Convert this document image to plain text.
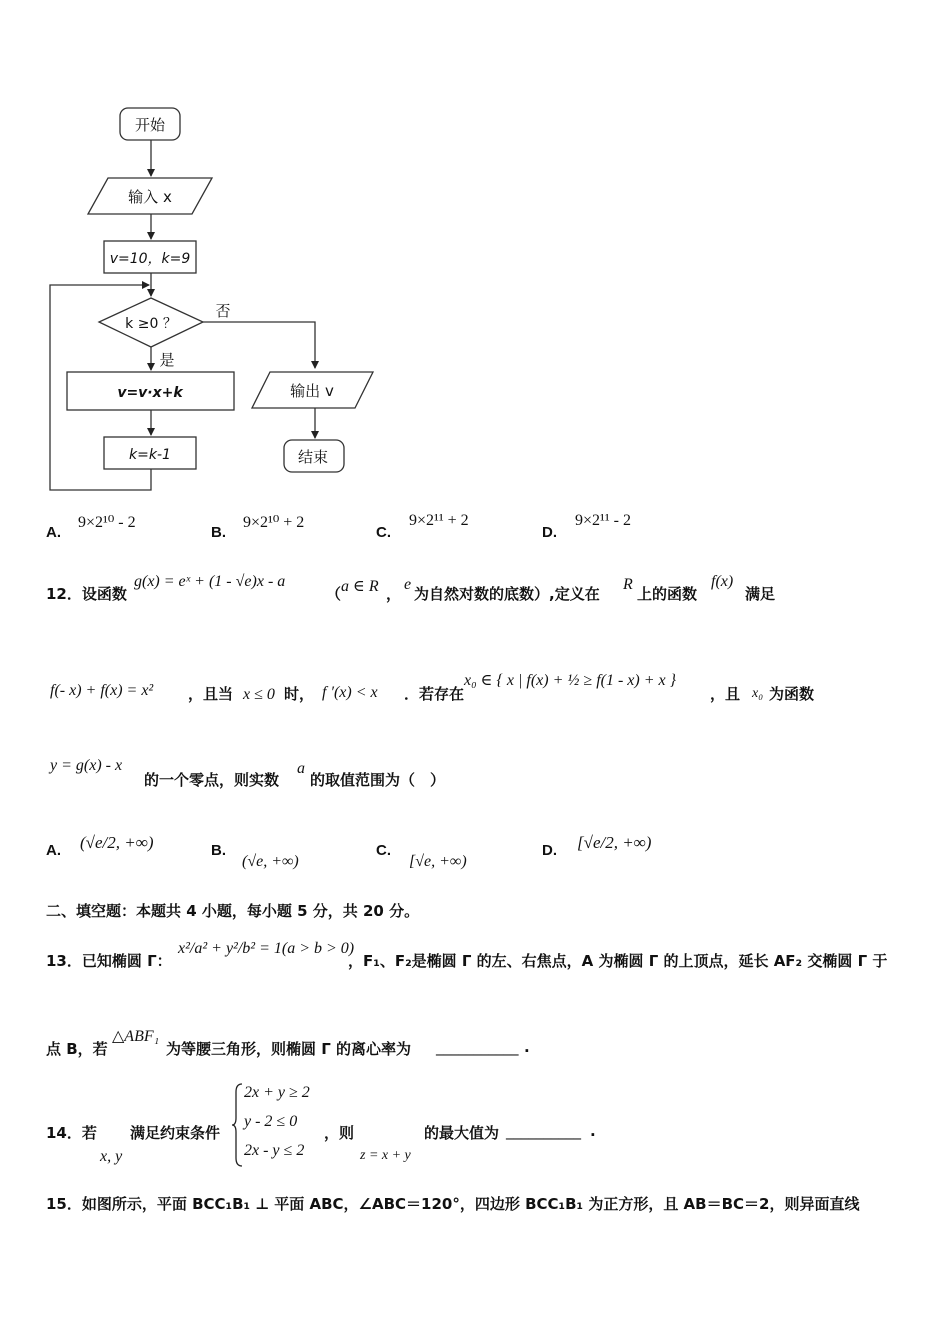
开始
输入 x
v=10，k=9
k ≥0 ？
否
是
v=v·x+k
k=k-1
输出 v
结束
A.
9×2¹⁰ - 2
B.
9×2¹⁰ + 2
C.
9×2¹¹ + 2
D.
9×2¹¹ - 2
12．设函数
g(x) = eˣ + (1 - √e)x - a
（ a ∈ R ，
e
为自然对数的底数）,定义在
R
上的函数
f(x)
满足
f(- x) + f(x) = x² ，且当 x ≤ 0 时， f ′(x) < x ．若存在
x₀ ∈ { x | f(x) + ½ ≥ f(1 - x) + x }
，且 x₀ 为函数
y = g(x) - x
的一个零点，则实数
a
的取值范围为（　）
A. (√e/2, +∞)	B.
(√e, +∞)
C.
[√e, +∞)
D. [√e/2, +∞)
二、填空题：本题共 4 小题，每小题 5 分，共 20 分。
13．已知椭圆 Γ：
x²/a² + y²/b² = 1(a > b > 0)
，F₁、F₂是椭圆 Γ 的左、右焦点，A 为椭圆 Γ 的上顶点，延长 AF₂ 交椭圆 Γ 于
点 B，若
△ABF₁
为等腰三角形，则椭圆 Γ 的离心率为 ___________ .
14．若
x, y
满足约束条件
2x + y ≥ 2
y - 2 ≤ 0
2x - y ≤ 2
，则
z = x + y
的最大值为 __________ .
15．如图所示，平面 BCC₁B₁ ⊥ 平面 ABC，∠ABC＝120°，四边形 BCC₁B₁ 为正方形，且 AB＝BC＝2，则异面直线
